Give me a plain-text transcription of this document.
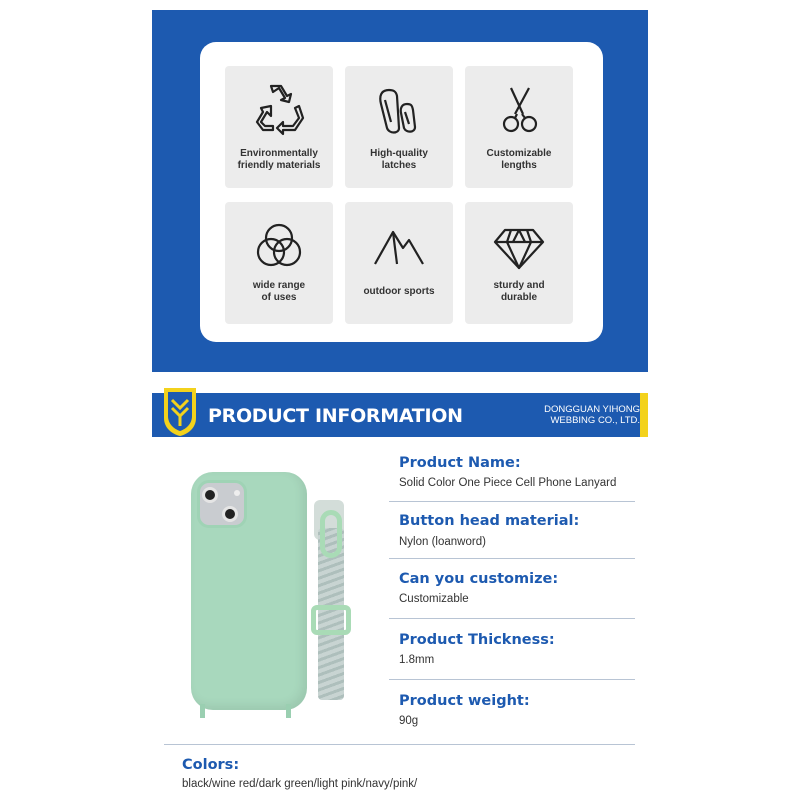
Environmentally
friendly materials
High-quality
latches
Customizable
lengths
wide range
of uses
outdoor sports
sturdy and
durable
PRODUCT INFORMATION	DONGGUAN YIHONG
WEBBING CO., LTD.
Product Name:
Solid Color One Piece Cell Phone Lanyard
Button head material:
Nylon (loanword)
Can you customize:
Customizable
Product Thickness:
1.8mm
Product weight:
90g
Colors:
black/wine red/dark green/light pink/navy/pink/
